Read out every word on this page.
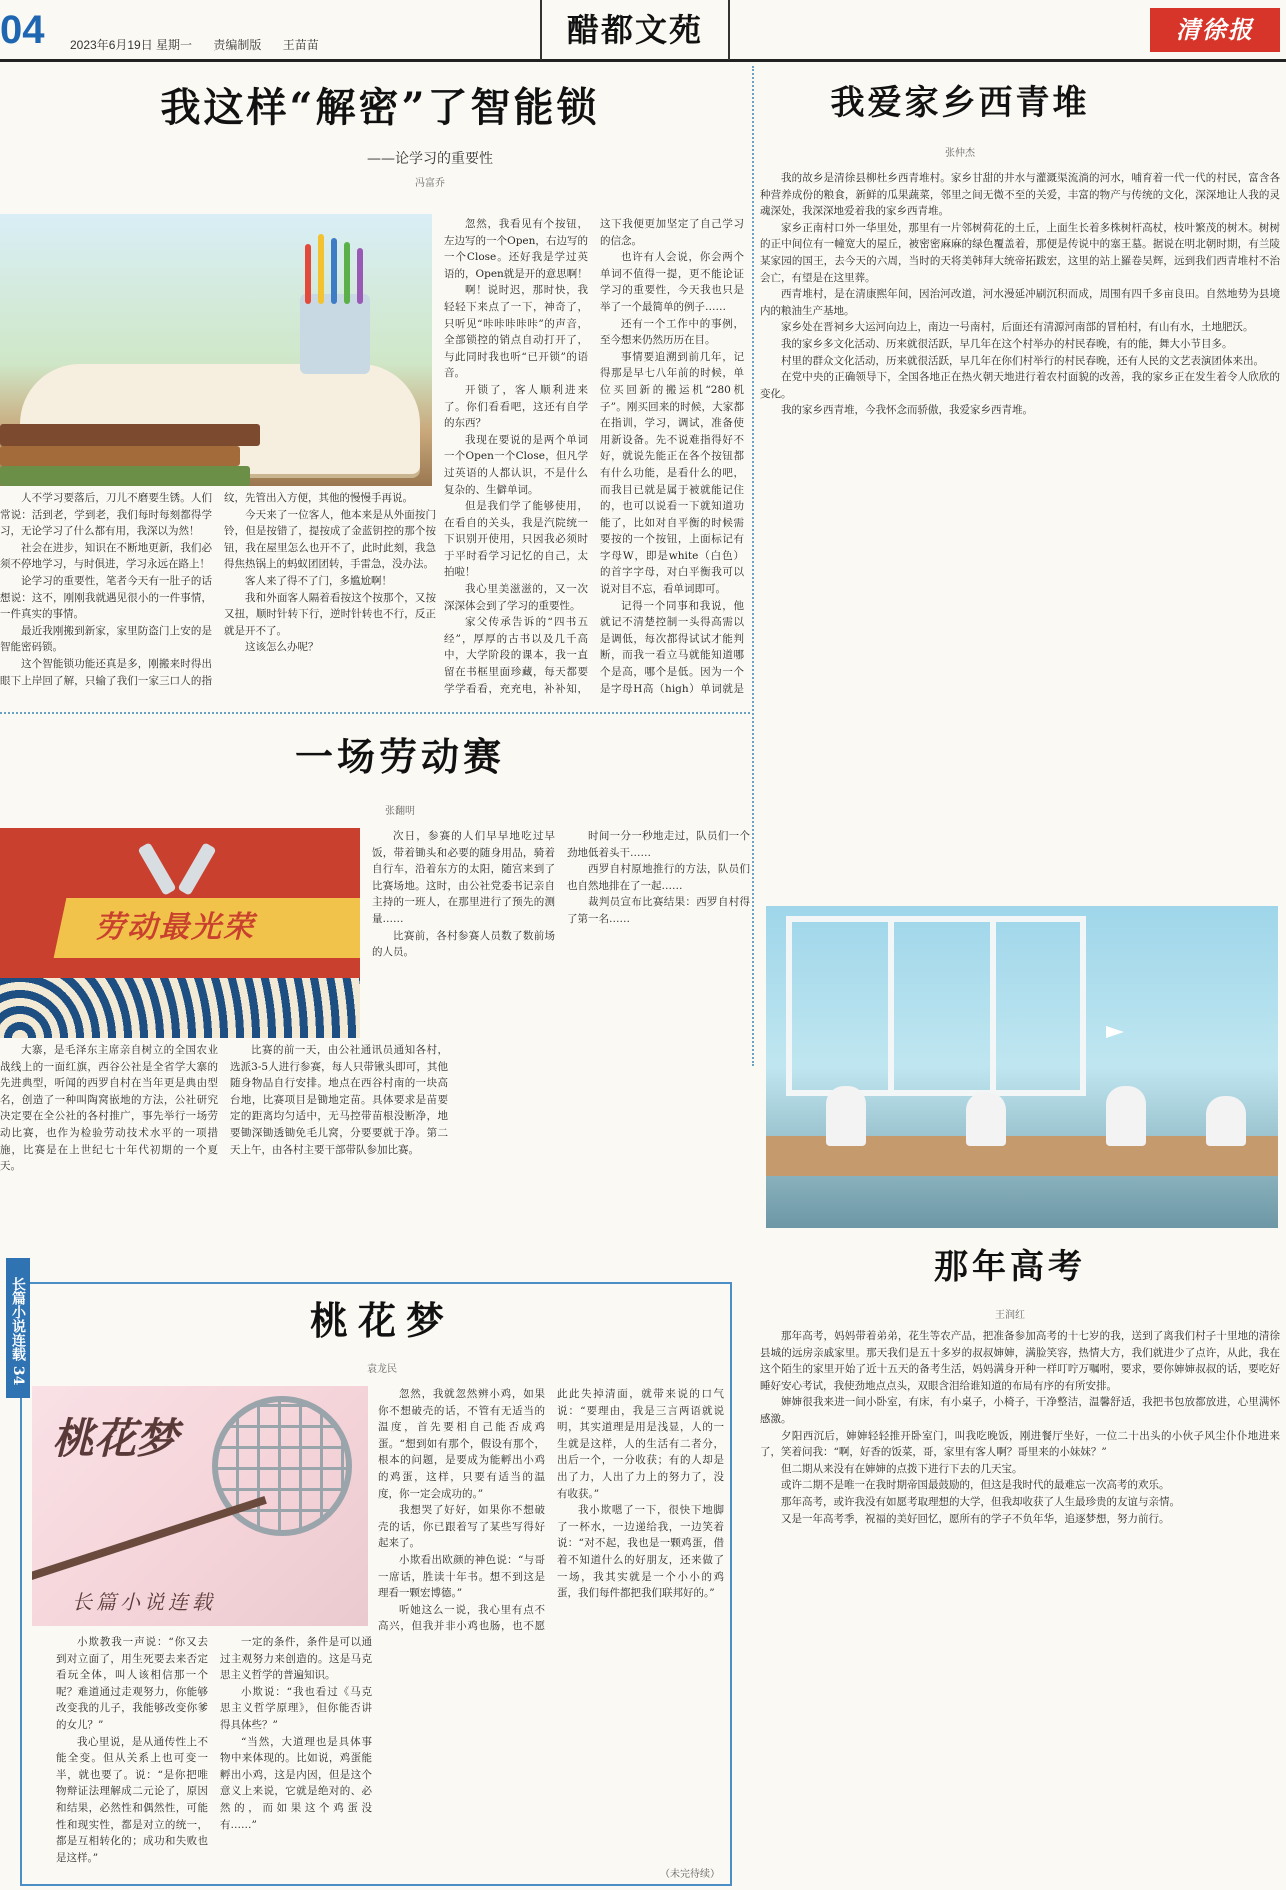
04	2023年6月19日 星期一 责编制版 王苗苗	醋都文苑	清徐报
我这样“解密”了智能锁
——论学习的重要性
冯富乔

忽然，我看见有个按钮，左边写的一个Open，右边写的一个Close。还好我是学过英语的，Open就是开的意思啊！

啊！说时迟，那时快，我轻轻下来点了一下，神奇了，只听见“咔咔咔咔咔”的声音，全部锁控的销点自动打开了，与此同时我也听“已开锁”的语音。

开锁了，客人顺利进来了。你们看看吧，这还有自学的东西？

我现在要说的是两个单词一个Open一个Close，但凡学过英语的人都认识，不是什么复杂的、生僻单词。

但是我们学了能够使用，在看自的关头，我是汽院统一下识别开使用，只因我必须时于平时看学习记忆的自己，太拍啦！

我心里美滋滋的，又一次深深体会到了学习的重要性。

家父传承告诉的“四书五经”，厚厚的古书以及几千高中，大学阶段的课本，我一直留在书框里面珍藏，每天都要学学看看，充充电，补补知，这下我便更加坚定了自己学习的信念。

也许有人会说，你会两个单词不值得一提，更不能论证学习的重要性，今天我也只是举了一个最简单的例子……

还有一个工作中的事例，至今想来仍然历历在目。

事情要追溯到前几年，记得那是早七八年前的时候，单位买回新的搬运机“280机子”。刚买回来的时候，大家都在指训，学习，调试，准备使用新设备。先不说难指得好不好，就说先能正在各个按钮都有什么功能，是看什么的吧，而我目已就是属于被就能记住的，也可以说看一下就知道功能了，比如对自平衡的时候需要按的一个按钮，上面标记有字母W，即是white（白色）的首字字母，对白平衡我可以说对目不忘，看单词即可。

记得一个同事和我说，他就记不清楚控制一头得高需以是调低，每次都得试试才能判断，而我一看立马就能知道哪个是高，哪个是低。因为一个是字母H高（high）单词就是

人不学习要落后，刀儿不磨要生锈。人们常说：活到老，学到老，我们每时每刻都得学习，无论学习了什么都有用，我深以为然！

社会在进步，知识在不断地更新，我们必须不停地学习，与时俱进，学习永远在路上！

论学习的重要性，笔者今天有一肚子的话想说：这不，刚刚我就遇见很小的一件事情，一件真实的事情。

最近我刚搬到新家，家里防盗门上安的是智能密码锁。

这个智能锁功能还真是多，刚搬来时得出眼下上岸回了解，只输了我们一家三口人的指纹，先管出入方便，其他的慢慢手再说。

今天来了一位客人，他本来是从外面按门铃，但是按错了，提按成了金蓝钥控的那个按钮，我在屋里怎么也开不了，此时此刻，我急得焦热锅上的蚂蚁团团转，手雷急，没办法。

客人来了得不了门，多尴尬啊！

我和外面客人隔着看按这个按那个，又按又扭，顺时针转下行，逆时针转也不行，反正就是开不了。

这该怎么办呢？

一场劳动赛
张翻明
劳动最光荣

大寨，是毛泽东主席亲自树立的全国农业战线上的一面红旗，西谷公社是全省学大寨的先进典型，听闻的西罗自村在当年更是典由型名，创造了一种叫陶窝嵌地的方法，公社研究决定要在全公社的各村推广，事先举行一场劳动比赛，也作为检验劳动技术水平的一项措施，比赛是在上世纪七十年代初期的一个夏天。

比赛的前一天，由公社通讯员通知各村，选派3-5人进行参赛，每人只带锹头即可，其他随身物品自行安排。地点在西谷村南的一块高台地，比赛项目是锄地定苗。具体要求是苗要定的距离均匀适中，无马控带苗根没断净，地要锄深锄透锄免毛儿窝，分要要就于净。第二天上午，由各村主要干部带队参加比赛。

次日，参赛的人们早早地吃过早饭，带着锄头和必要的随身用品，骑着自行车，沿着东方的太阳，随宫来到了比赛场地。这时，由公社党委书记亲自主持的一班人，在那里进行了预先的测量……

比赛前，各村参赛人员数了数前场的人员。

时间一分一秒地走过，队员们一个劲地低着头干……

西罗自村原地推行的方法，队员们也自然地排在了一起……

裁判员宣布比赛结果：西罗自村得了第一名……

我爱家乡西青堆
张仲杰

我的故乡是清徐县柳杜乡西青堆村。家乡甘甜的井水与灌溉渠流淌的河水，哺育着一代一代的村民，富含各种营养成份的粮食，新鲜的瓜果蔬菜，邻里之间无微不至的关爱，丰富的物产与传统的文化，深深地让人我的灵魂深处，我深深地爱着我的家乡西青堆。

家乡正南村口外一华里处，那里有一片邻树荷花的土丘，上面生长着多株树杆高杖，枝叶繁茂的树木。树树的正中间位有一幢宽大的屋丘，被密密麻麻的绿色覆盖着，那便是传说中的塞王墓。据说在明北朝时期，有兰陵某家园的国王，去今天的六周，当时的天将美韩拜大统帝拓跋宏，这里的站上羅卷吴辉，远到我们西青堆村不治会亡，有望是在这里葬。

西青堆村，是在清康熙年间，因治河改道，河水漫延冲刷沉积而成，周围有四千多亩良田。自然地势为县境内的粮油生产基地。

家乡处在晋祠乡大运河向边上，南边一号南村，后面还有清源河南部的冒柏村，有山有水，土地肥沃。

我的家乡多文化活动、历来就很活跃，早几年在这个村举办的村民春晚，有的能，舞大小节目多。

村里的群众文化活动，历来就很活跃，早几年在你们村举行的村民春晚，还有人民的文艺表演团体来出。

在党中央的正确领导下，全国各地正在热火朝天地进行着农村面貌的改善，我的家乡正在发生着令人欣欣的变化。

我的家乡西青堆，今我怀念而骄傲，我爱家乡西青堆。

那年高考
王润红

那年高考，妈妈带着弟弟，花生等农产品，把准备参加高考的十七岁的我，送到了离我们村子十里地的清徐县城的远房亲戚家里。那天我们是五十多岁的叔叔婶婶，满脸笑容，热情大方，我们就进少了点许，从此，我在这个陌生的家里开始了近十五天的备考生活，妈妈满身开种一样叮咛万嘱咐，要求，要你婶婶叔叔的话，要吃好睡好安心考试，我使劲地点点头，双眼含泪给谁知道的布局有序的有所安排。

婶婶很我来进一间小卧室，有床，有小桌子，小椅子，干净整洁，温馨舒适，我把书包放都放进，心里满怀感激。

夕阳西沉后，婶婶轻轻推开卧室门，叫我吃晚饭，刚进餐厅坐好，一位二十出头的小伙子风尘仆仆地进来了，笑着问我：“啊，好香的饭菜，哥，家里有客人啊？哥里来的小妹妹？”

但二期从来没有在婶婶的点拨下进行下去的几天宝。

或许二期不是唯一在我时期帝国最鼓励的，但这是我时代的最难忘一次高考的欢乐。

那年高考，或许我没有如愿考取理想的大学，但我却收获了人生最珍贵的友谊与亲情。

又是一年高考季，祝福的美好回忆，愿所有的学子不负年华，追逐梦想，努力前行。

桃花梦
袁龙民
桃花梦
长篇小说连载

小欺教我一声说：“你又去到对立面了，用生死要去来否定看玩全体，叫人该相信那一个呢？难道通过走观努力，你能够改变我的儿子，我能够改变你爹的女儿？”

我心里说，是从通传性上不能全变。但从关系上也可变一半，就也要了。说：“是你把唯物辩证法理解成二元论了，原因和结果，必然性和偶然性，可能性和现实性，都是对立的统一，都是互相转化的；成功和失败也是这样。”

一定的条件，条件是可以通过主观努力来创造的。这是马克思主义哲学的普遍知识。

小欺说：“我也看过《马克思主义哲学原理》，但你能否讲得具体些？”

“当然，大道理也是具体事物中来体现的。比如说，鸡蛋能孵出小鸡，这是内因，但是这个意义上来说，它就是绝对的、必然的，而如果这个鸡蛋没有……”

忽然，我就忽然辨小鸡，如果你不想破壳的话，不管有无适当的温度，首先要相自己能否成鸡蛋。“想到如有那个，假设有那个，根本的问题，是要成为能孵出小鸡的鸡蛋，这样，只要有适当的温度，你一定会成功的。”

我想哭了好好，如果你不想破壳的话，你已跟着写了某些写得好起来了。

小欺看出欧颜的神色说：“与哥一席话，胜读十年书。想不到这是理看一颗宏博德。”

听她这么一说，我心里有点不高兴，但我并非小鸡也肠，也不愿此此失掉清面，就带来说的口气说：“要理由，我是三言两语就说明，其实道理是用是浅显，人的一生就是这样，人的生活有二者分，出后一个，一分收获；有的人却是出了力，人出了力上的努力了，没有收获。”

我小欺嗯了一下，很快下地脚了一杯水，一边递给我，一边笑着说：“对不起，我也是一颗鸡蛋，借着不知道什么的好朋友，还来做了一场，我其实就是一个小小的鸡蛋，我们每件都把我们联邦好的。”

（未完待续）
长篇小说连载 34
